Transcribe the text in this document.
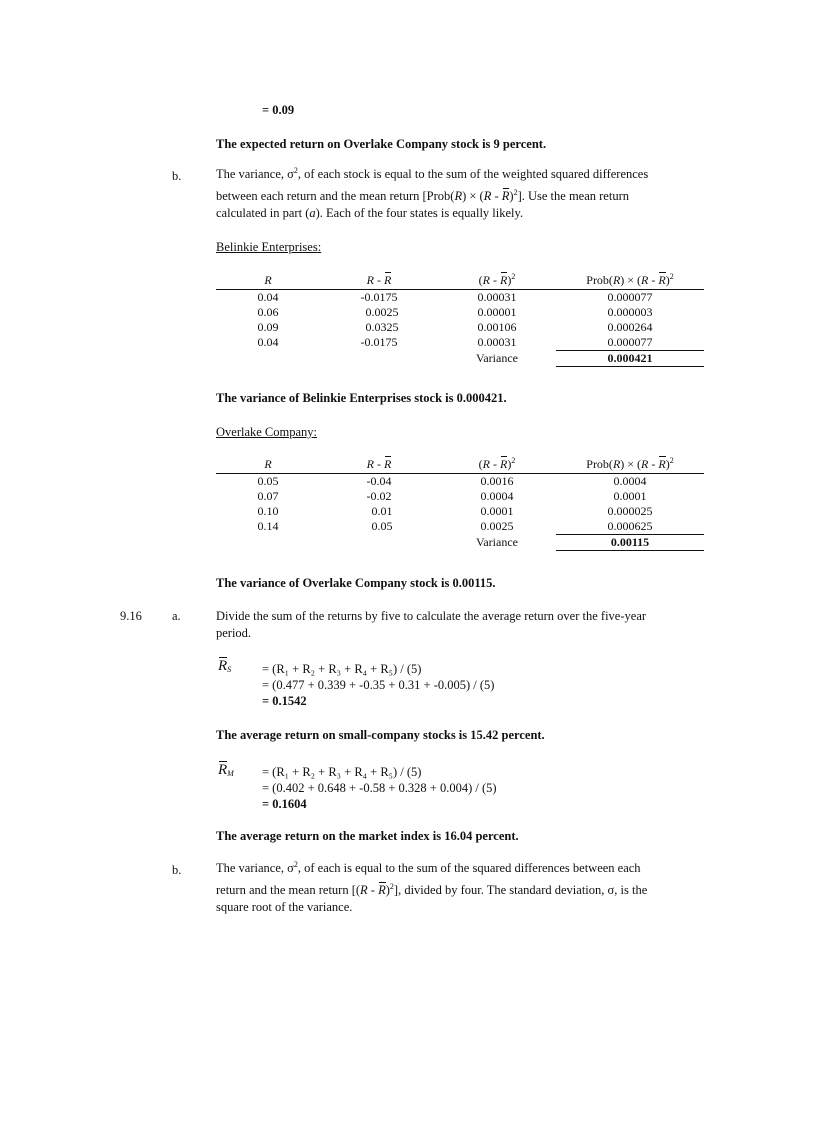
= 0.09
The expected return on Overlake Company stock is 9 percent.
b.	The variance, $\sigma^2$, of each stock is equal to the sum of the weighted squared differences
between each return and the mean return [Prob(R) × (R - R)$^2$]. Use the mean return
calculated in part (a). Each of the four states is equally likely.
Belinkie Enterprises:
R	R - R	(R - R)$^2$	Prob(R) × (R - R)$^2$
0.04	-0.0175	0.00031	0.000077
0.06	0.0025	0.00001	0.000003
0.09	0.0325	0.00106	0.000264
0.04	-0.0175	0.00031	0.000077
		Variance	0.000421
The variance of Belinkie Enterprises stock is 0.000421.
Overlake Company:
R	R - R	(R - R)$^2$	Prob(R) × (R - R)$^2$
0.05	-0.04	0.0016	0.0004
0.07	-0.02	0.0004	0.0001
0.10	0.01	0.0001	0.000025
0.14	0.05	0.0025	0.000625
		Variance	0.00115
The variance of Overlake Company stock is 0.00115.
9.16 a.	Divide the sum of the returns by five to calculate the average return over the five-year
period.
$R_S = (R_1 + R_2 + R_3 + R_4 + R_5) / (5)$
= (0.477 + 0.339 + -0.35 + 0.31 + -0.005) / (5)
= 0.1542
The average return on small-company stocks is 15.42 percent.
$R_M = (R_1 + R_2 + R_3 + R_4 + R_5) / (5)$
= (0.402 + 0.648 + -0.58 + 0.328 + 0.004) / (5)
= 0.1604
The average return on the market index is 16.04 percent.
b.	The variance, $\sigma^2$, of each is equal to the sum of the squared differences between each
return and the mean return [(R - R)$^2$], divided by four. The standard deviation, σ, is the
square root of the variance.
